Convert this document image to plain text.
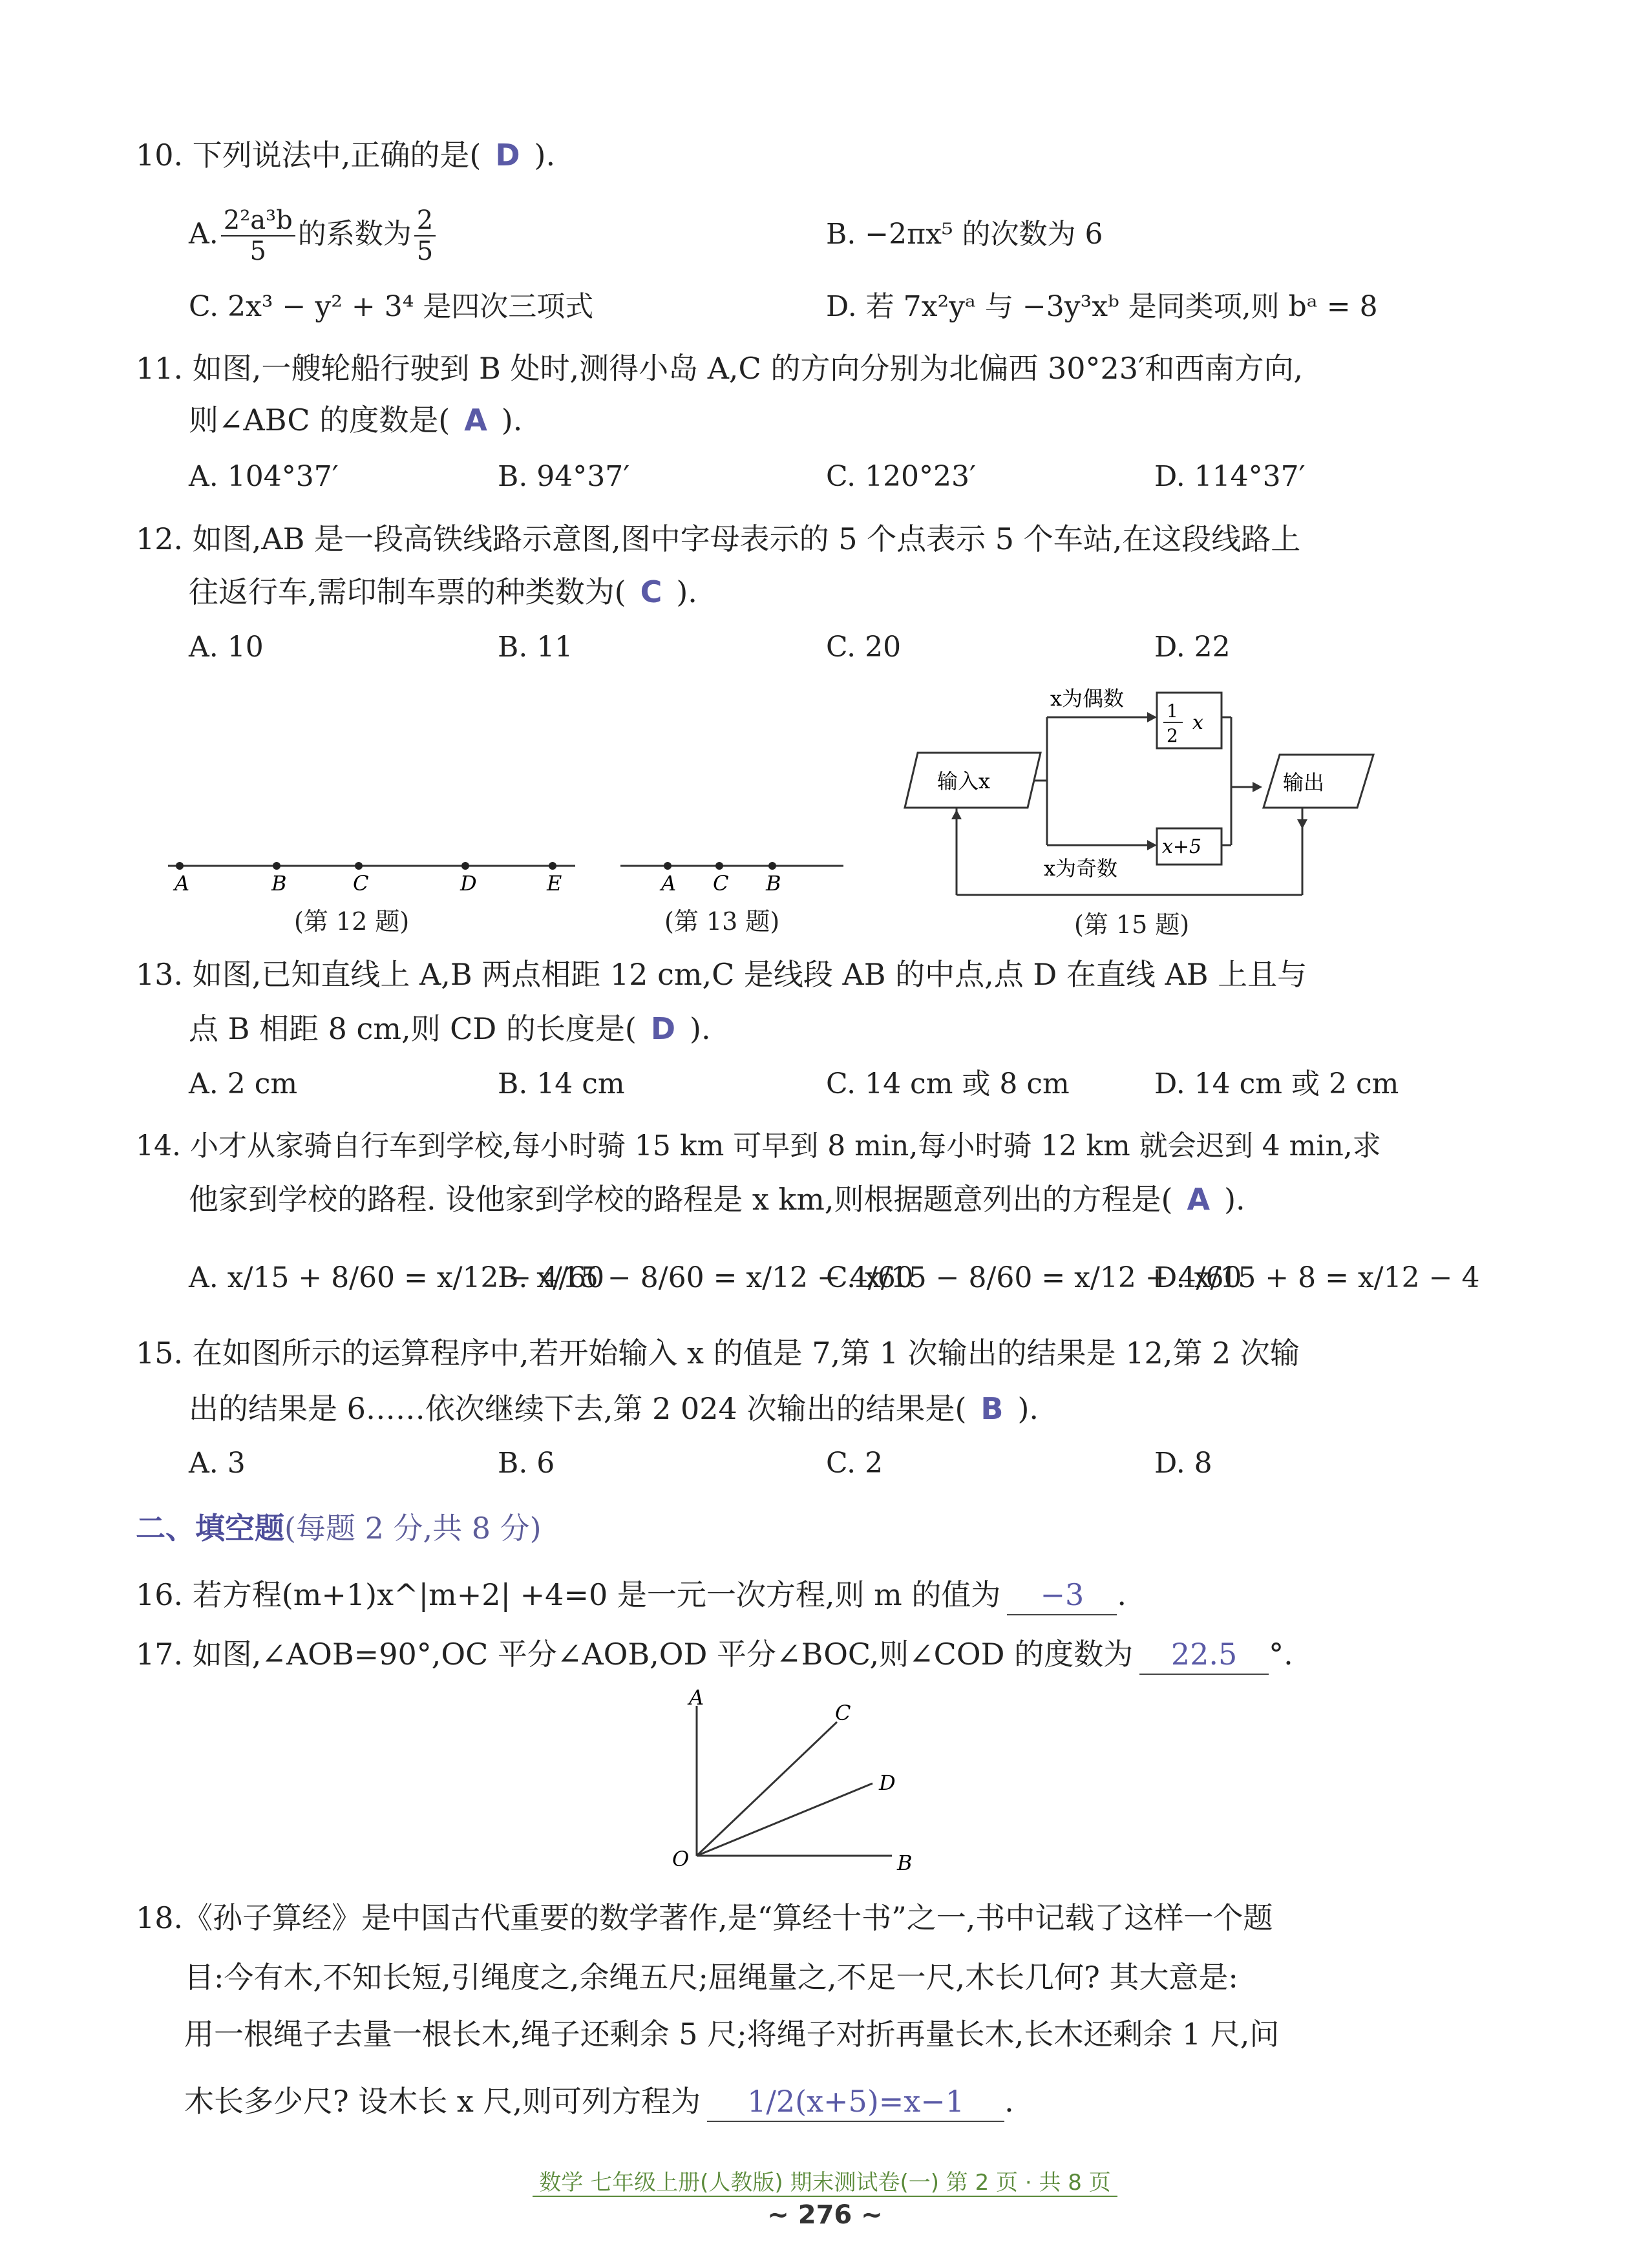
10. 下列说法中,正确的是( D ).
A. $\frac{\text{2²a³b}}{5}$ 的系数为 $\frac{2}{5}$	B. −2πx⁵ 的次数为 6
C. 2x³ − y² + 3⁴ 是四次三项式	D. 若 7x²yᵃ 与 −3y³xᵇ 是同类项,则 bᵃ = 8
11. 如图,一艘轮船行驶到 B 处时,测得小岛 A,C 的方向分别为北偏西 30°23′和西南方向,
则∠ABC 的度数是( A ).
A. 104°37′	B. 94°37′	C. 120°23′	D. 114°37′
12. 如图,AB 是一段高铁线路示意图,图中字母表示的 5 个点表示 5 个车站,在这段线路上
往返行车,需印制车票的种类数为( C ).
A. 10	B. 11	C. 20	D. 22
A	B	C	D	E
(第 12 题)
A C B
(第 13 题)
输入x
x为偶数
1
2
x
x为奇数
x+5
输出
(第 15 题)
13. 如图,已知直线上 A,B 两点相距 12 cm,C 是线段 AB 的中点,点 D 在直线 AB 上且与
点 B 相距 8 cm,则 CD 的长度是( D ).
A. 2 cm	B. 14 cm	C. 14 cm 或 8 cm	D. 14 cm 或 2 cm
14. 小才从家骑自行车到学校,每小时骑 15 km 可早到 8 min,每小时骑 12 km 就会迟到 4 min,求
他家到学校的路程. 设他家到学校的路程是 x km,则根据题意列出的方程是( A ).
A. x/15 + 8/60 = x/12 − 4/60
B. x/15 − 8/60 = x/12 − 4/60
C. x/15 − 8/60 = x/12 + 4/60
D. x/15 + 8 = x/12 − 4
15. 在如图所示的运算程序中,若开始输入 x 的值是 7,第 1 次输出的结果是 12,第 2 次输
出的结果是 6……依次继续下去,第 2 024 次输出的结果是( B ).
A. 3	B. 6	C. 2	D. 8
二、填空题(每题 2 分,共 8 分)
16. 若方程(m+1)x^|m+2| +4=0 是一元一次方程,则 m 的值为 −3 .
17. 如图,∠AOB=90°,OC 平分∠AOB,OD 平分∠BOC,则∠COD 的度数为 22.5 °.
A
C
D
O	B
18.《孙子算经》是中国古代重要的数学著作,是“算经十书”之一,书中记载了这样一个题
目:今有木,不知长短,引绳度之,余绳五尺;屈绳量之,不足一尺,木长几何? 其大意是:
用一根绳子去量一根长木,绳子还剩余 5 尺;将绳子对折再量长木,长木还剩余 1 尺,问
木长多少尺? 设木长 x 尺,则可列方程为 1/2(x+5)=x−1 .
数学 七年级上册(人教版) 期末测试卷(一) 第 2 页 · 共 8 页
~ 276 ~
